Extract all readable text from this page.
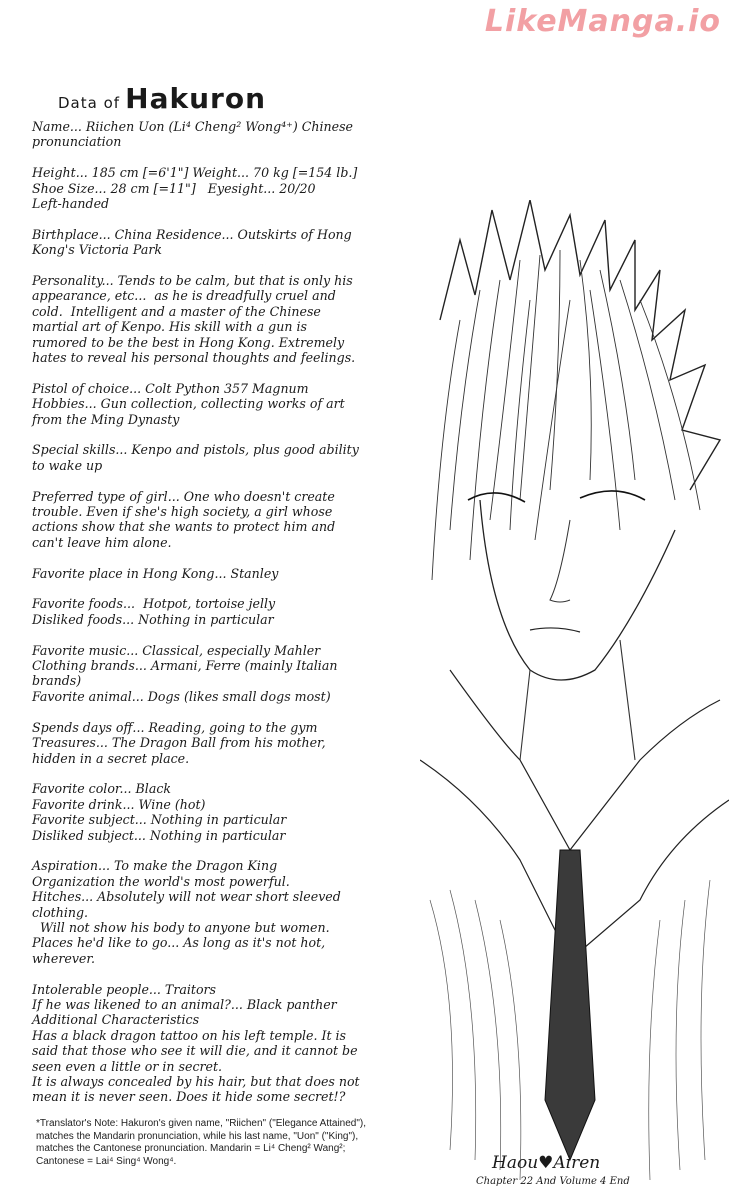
LikeManga.io
Data of Hakuron
Name... Riichen Uon (Li⁴ Cheng² Wong⁴⁺) Chinese
pronunciation
Height... 185 cm [=6'1"] Weight... 70 kg [=154 lb.]
Shoe Size... 28 cm [=11"]   Eyesight... 20/20
Left-handed
Birthplace... China Residence... Outskirts of Hong
Kong's Victoria Park
Personality... Tends to be calm, but that is only his
appearance, etc...  as he is dreadfully cruel and
cold.  Intelligent and a master of the Chinese
martial art of Kenpo. His skill with a gun is
rumored to be the best in Hong Kong. Extremely
hates to reveal his personal thoughts and feelings.
Pistol of choice... Colt Python 357 Magnum
Hobbies... Gun collection, collecting works of art
from the Ming Dynasty
Special skills... Kenpo and pistols, plus good ability
to wake up
Preferred type of girl... One who doesn't create
trouble. Even if she's high society, a girl whose
actions show that she wants to protect him and
can't leave him alone.
Favorite place in Hong Kong... Stanley
Favorite foods...  Hotpot, tortoise jelly
Disliked foods... Nothing in particular
Favorite music... Classical, especially Mahler
Clothing brands... Armani, Ferre (mainly Italian
brands)
Favorite animal... Dogs (likes small dogs most)
Spends days off... Reading, going to the gym
Treasures... The Dragon Ball from his mother,
hidden in a secret place.
Favorite color... Black
Favorite drink... Wine (hot)
Favorite subject... Nothing in particular
Disliked subject... Nothing in particular
Aspiration... To make the Dragon King
Organization the world's most powerful.
Hitches... Absolutely will not wear short sleeved
clothing.
Will not show his body to anyone but women.
Places he'd like to go... As long as it's not hot,
wherever.
Intolerable people... Traitors
If he was likened to an animal?... Black panther
Additional Characteristics
Has a black dragon tattoo on his left temple. It is
said that those who see it will die, and it cannot be
seen even a little or in secret.
It is always concealed by his hair, but that does not
mean it is never seen. Does it hide some secret!?
*Translator's Note: Hakuron's given name, "Riichen" ("Elegance Attained"),
matches the Mandarin pronunciation, while his last name, "Uon" ("King"),
matches the Cantonese pronunciation. Mandarin = Li⁴ Cheng² Wang²;
Cantonese = Lai⁴ Sing⁴ Wong⁴.	Haou♥Airen
Chapter 22 And Volume 4 End
